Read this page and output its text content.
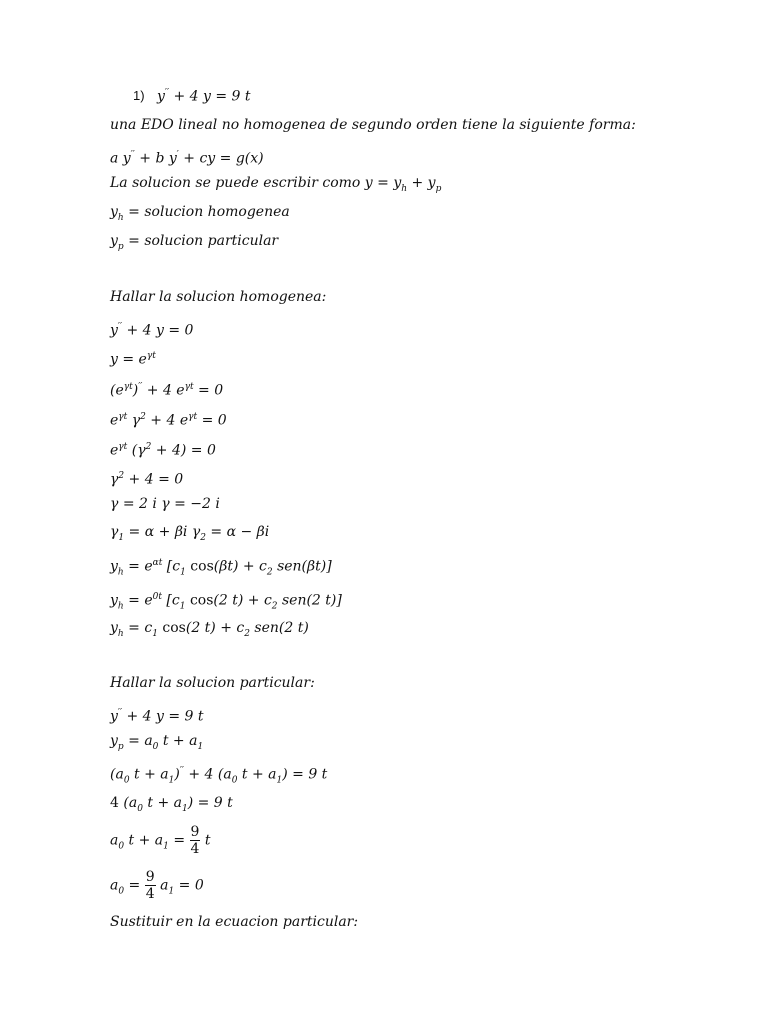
1) y′′ + 4 y = 9 t
una EDO lineal no homogenea de segundo orden tiene la siguiente forma:
a y′′ + b y′ + cy = g(x)
La solucion se puede escribir como $y = y_h + y_p$
$y_h$ = solucion homogenea
$y_p$ = solucion particular
Hallar la solucion homogenea:
y′′ + 4 y = 0
$y = e^{\gamma t}$
$(e^{\gamma t})'' + 4$ $e^{\gamma t} = 0$
$e^{\gamma t}$ $\gamma^2 + 4$ $e^{\gamma t} = 0$
$e^{\gamma t}$ $(\gamma^2 + 4) = 0$
$\gamma^2 + 4 = 0$
γ = 2 i γ = −2 i
$\gamma_1 = \alpha + \beta i$ $\gamma_2 = \alpha - \beta i$
$y_h = e^{\alpha t}$ [$c_1$ $\cos(\beta t) + c_2$ sen(βt)]
$y_h = e^{0t}$ [$c_1$ cos(2 $t) + c_2$ sen(2 t)]
$y_h = c_1$ cos(2 $t) + c_2$ sen(2 t)
Hallar la solucion particular:
y′′ + 4 y = 9 t
$y_p = a_0$ $t + a_1$
($a_0$ $t + a_1)'' + 4$ ($a_0$ $t + a_1) = 9$ t
4 ($a_0$ $t + a_1) = 9$ t
$a_0$ $t + a_1 = \frac{9}{4}$ t
$a_0 = \frac{9}{4} a_1 = 0$
Sustituir en la ecuacion particular:
